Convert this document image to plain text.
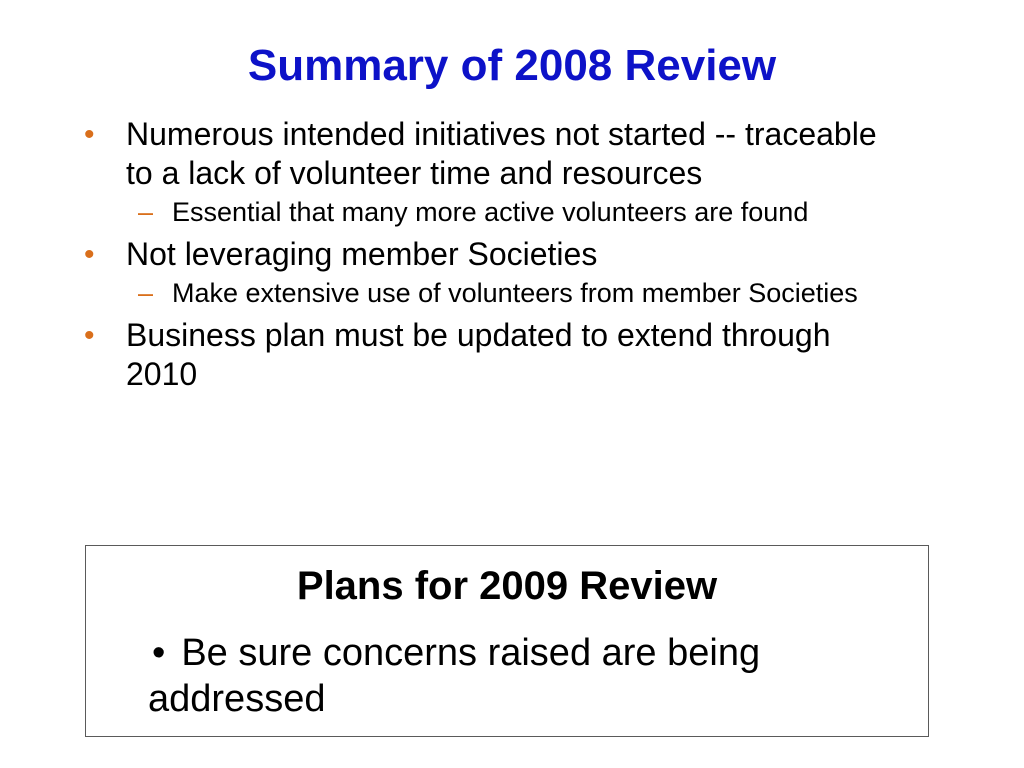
Summary of 2008 Review
• Numerous intended initiatives not started -- traceable to a lack of volunteer time and resources
– Essential that many more active volunteers are found
• Not leveraging member Societies
– Make extensive use of volunteers from member Societies
• Business plan must be updated to extend through 2010
Plans for 2009 Review
• Be sure concerns raised are being addressed
